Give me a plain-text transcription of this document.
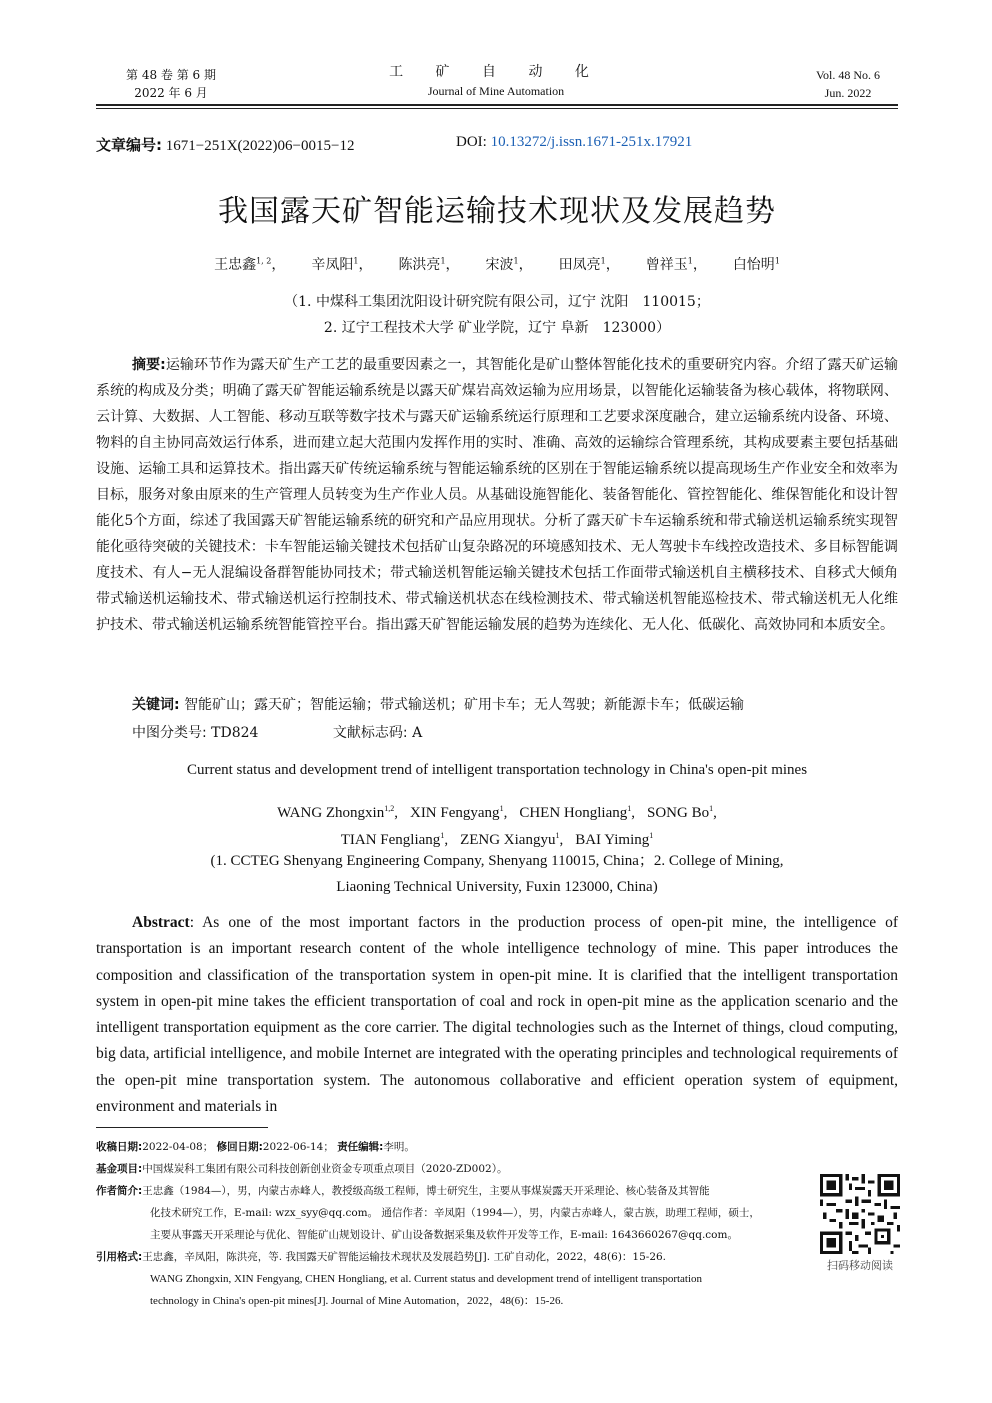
第 48 卷 第 6 期
2022 年 6 月
工 矿 自 动 化
Journal of Mine Automation
Vol. 48 No. 6
Jun. 2022
文章编号: 1671−251X(2022)06−0015−12	DOI: 10.13272/j.issn.1671-251x.17921
我国露天矿智能运输技术现状及发展趋势
王忠鑫$^{1, 2}$， 辛凤阳$^1$， 陈洪亮$^1$， 宋波$^1$， 田凤亮$^1$， 曾祥玉$^1$， 白怡明$^1$
（1. 中煤科工集团沈阳设计研究院有限公司，辽宁 沈阳　110015；
2. 辽宁工程技术大学 矿业学院，辽宁 阜新　123000）
摘要:运输环节作为露天矿生产工艺的最重要因素之一，其智能化是矿山整体智能化技术的重要研究内容。介绍了露天矿运输系统的构成及分类；明确了露天矿智能运输系统是以露天矿煤岩高效运输为应用场景，以智能化运输装备为核心载体，将物联网、云计算、大数据、人工智能、移动互联等数字技术与露天矿运输系统运行原理和工艺要求深度融合，建立运输系统内设备、环境、物料的自主协同高效运行体系，进而建立起大范围内发挥作用的实时、准确、高效的运输综合管理系统，其构成要素主要包括基础设施、运输工具和运算技术。指出露天矿传统运输系统与智能运输系统的区别在于智能运输系统以提高现场生产作业安全和效率为目标，服务对象由原来的生产管理人员转变为生产作业人员。从基础设施智能化、装备智能化、管控智能化、维保智能化和设计智能化5个方面，综述了我国露天矿智能运输系统的研究和产品应用现状。分析了露天矿卡车运输系统和带式输送机运输系统实现智能化亟待突破的关键技术：卡车智能运输关键技术包括矿山复杂路况的环境感知技术、无人驾驶卡车线控改造技术、多目标智能调度技术、有人−无人混编设备群智能协同技术；带式输送机智能运输关键技术包括工作面带式输送机自主横移技术、自移式大倾角带式输送机运输技术、带式输送机运行控制技术、带式输送机状态在线检测技术、带式输送机智能巡检技术、带式输送机无人化维护技术、带式输送机运输系统智能管控平台。指出露天矿智能运输发展的趋势为连续化、无人化、低碳化、高效协同和本质安全。
关键词: 智能矿山；露天矿；智能运输；带式输送机；矿用卡车；无人驾驶；新能源卡车；低碳运输
中图分类号: TD824	文献标志码: A
Current status and development trend of intelligent transportation technology in China's open-pit mines
WANG Zhongxin$^{1,2}$, XIN Fengyang$^1$, CHEN Hongliang$^1$, SONG Bo$^1$,
TIAN Fengliang$^1$, ZENG Xiangyu$^1$, BAI Yiming$^1$
(1. CCTEG Shenyang Engineering Company, Shenyang 110015, China；2. College of Mining,
Liaoning Technical University, Fuxin 123000, China)
Abstract: As one of the most important factors in the production process of open-pit mine, the intelligence of transportation is an important research content of the whole intelligence technology of mine. This paper introduces the composition and classification of the transportation system in open-pit mine. It is clarified that the intelligent transportation system in open-pit mine takes the efficient transportation of coal and rock in open-pit mine as the application scenario and the intelligent transportation equipment as the core carrier. The digital technologies such as the Internet of things, cloud computing, big data, artificial intelligence, and mobile Internet are integrated with the operating principles and technological requirements of the open-pit mine transportation system. The autonomous collaborative and efficient operation system of equipment, environment and materials in
收稿日期:2022-04-08； 修回日期:2022-06-14； 责任编辑:李明。
基金项目:中国煤炭科工集团有限公司科技创新创业资金专项重点项目（2020-ZD002）。
作者简介:王忠鑫（1984—），男，内蒙古赤峰人，教授级高级工程师，博士研究生，主要从事煤炭露天开采理论、核心装备及其智能
化技术研究工作，E-mail: wzx_syy@qq.com。 通信作者：辛凤阳（1994—），男，内蒙古赤峰人，蒙古族，助理工程师，硕士，
主要从事露天开采理论与优化、智能矿山规划设计、矿山设备数据采集及软件开发等工作，E-mail: 1643660267@qq.com。
引用格式:王忠鑫，辛凤阳，陈洪亮，等. 我国露天矿智能运输技术现状及发展趋势[J]. 工矿自动化，2022，48(6)：15-26.
WANG Zhongxin, XIN Fengyang, CHEN Hongliang, et al. Current status and development trend of intelligent transportation
technology in China's open-pit mines[J]. Journal of Mine Automation，2022，48(6)：15-26.
扫码移动阅读
